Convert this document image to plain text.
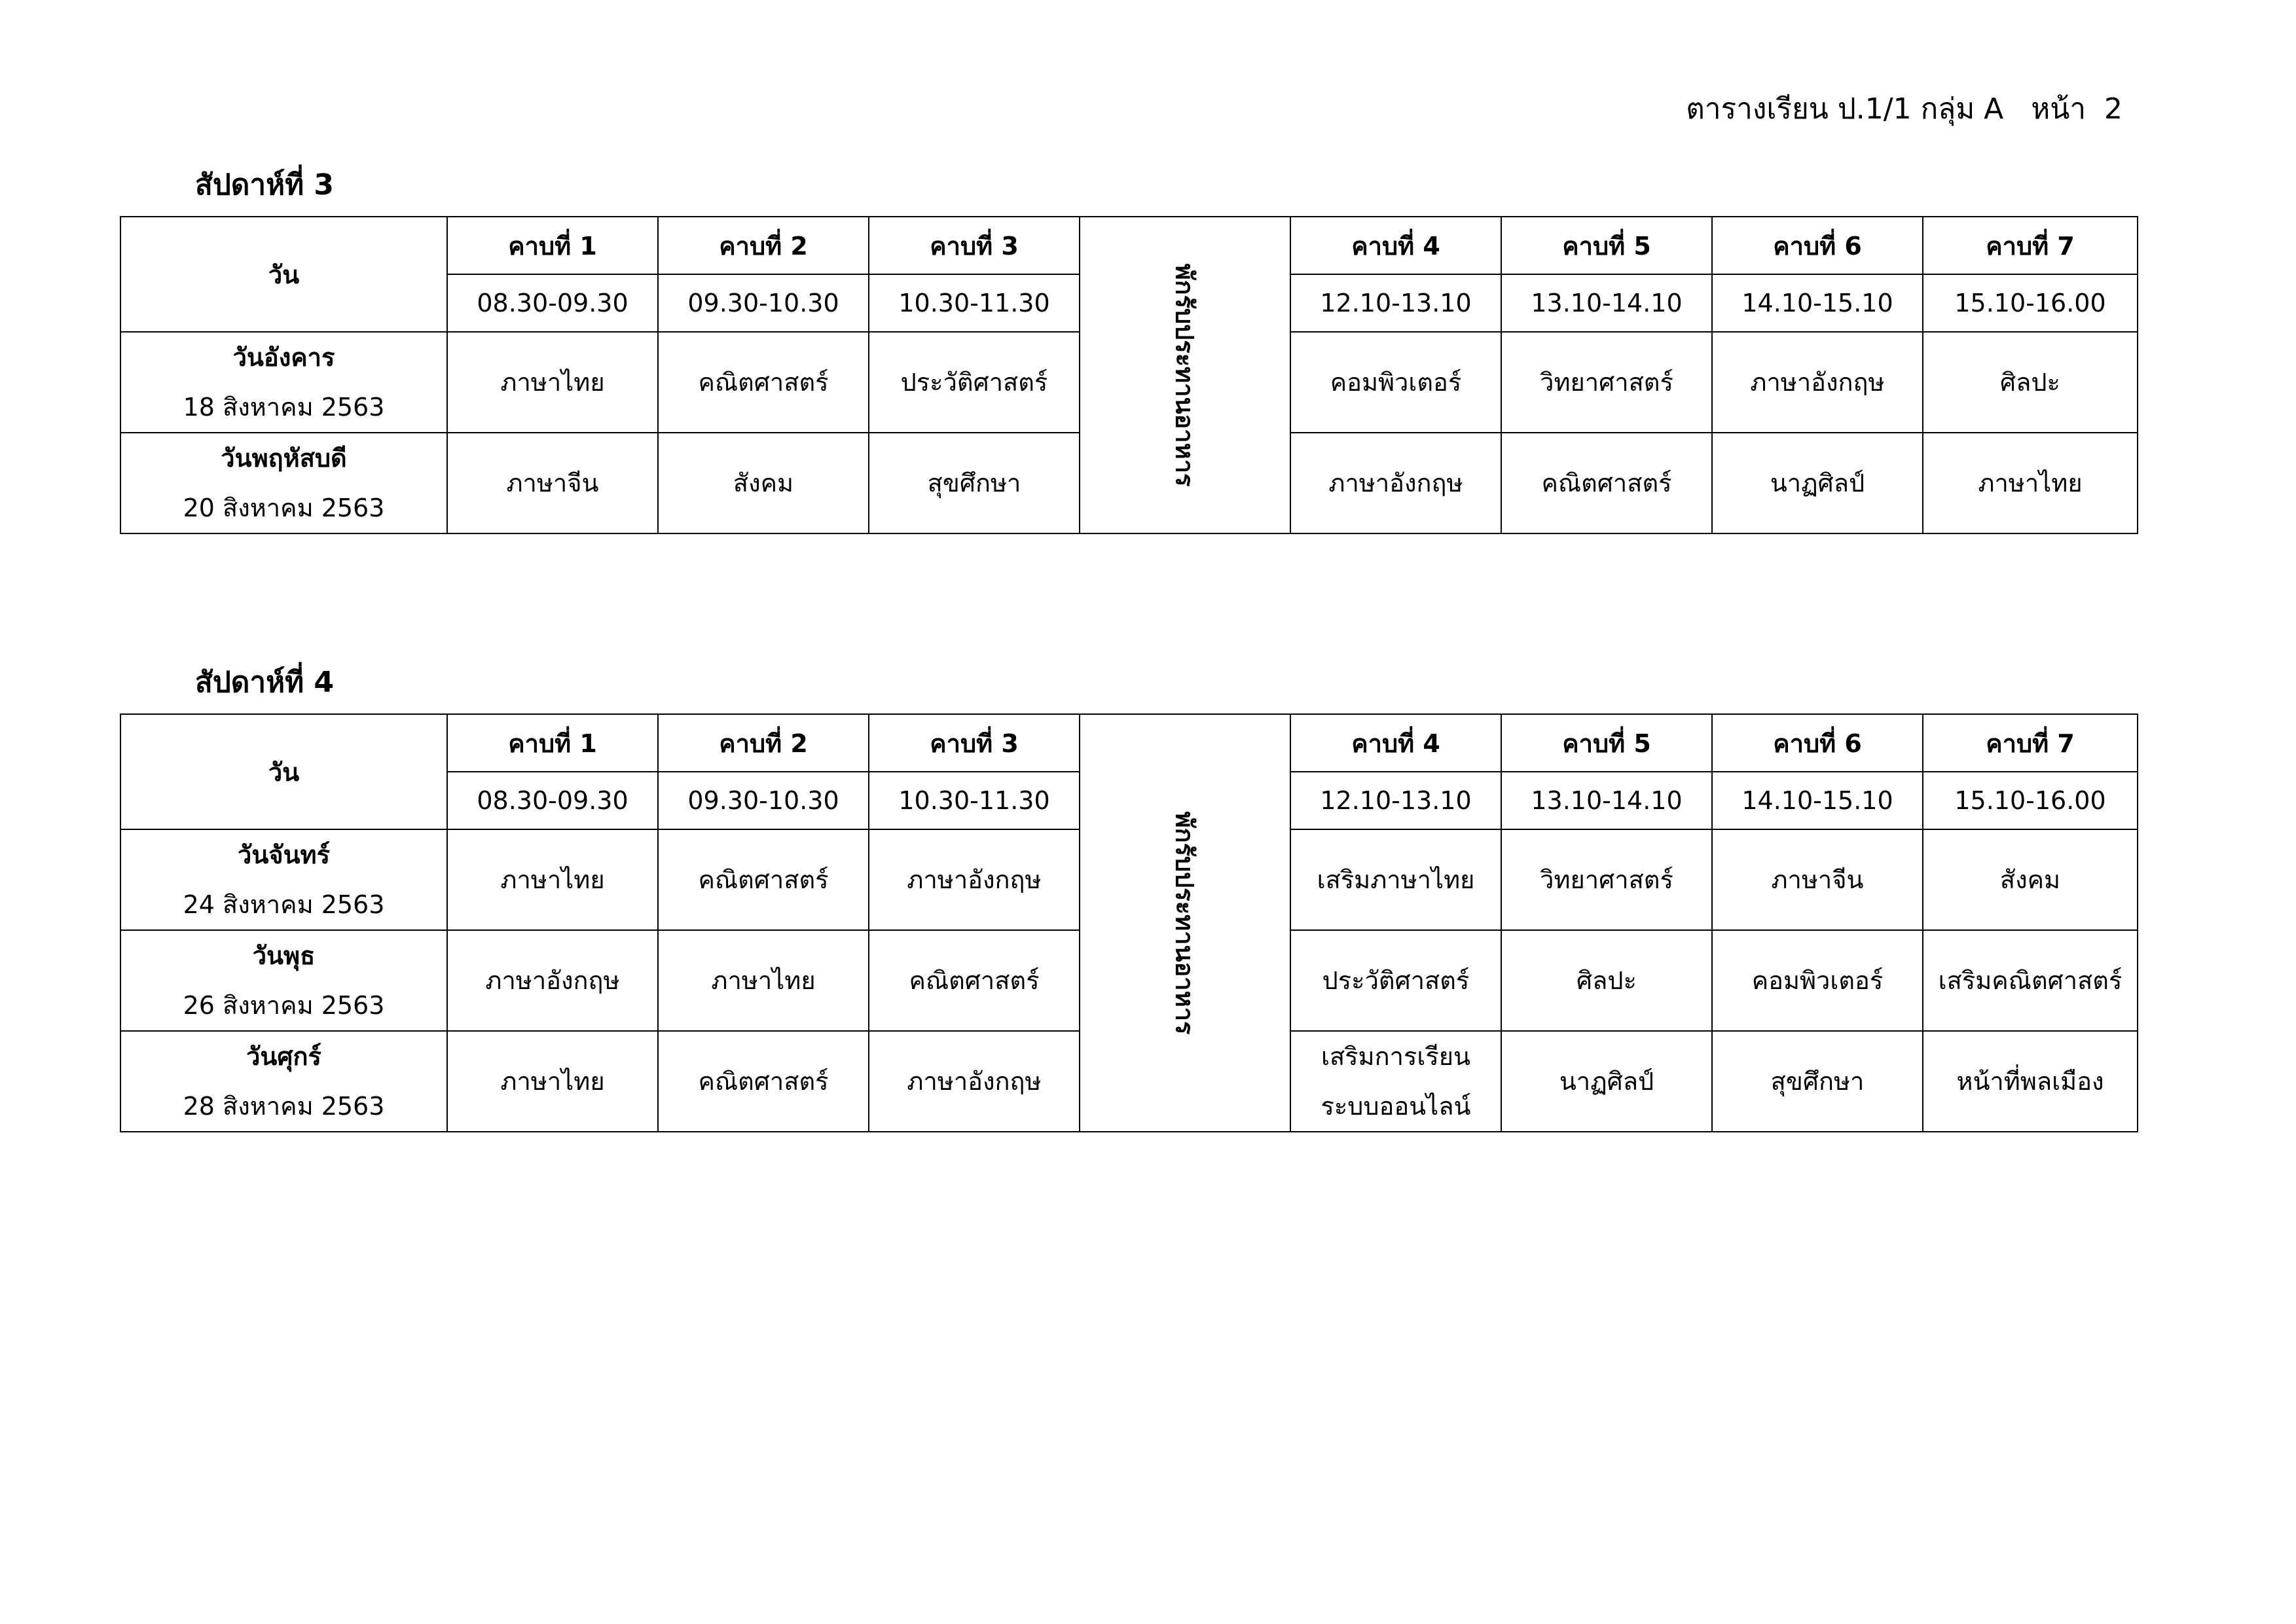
ตารางเรียน ป.1/1 กลุ่ม A   หน้า  2
สัปดาห์ที่ 3
วัน	คาบที่ 1	คาบที่ 2	คาบที่ 3	พักรับประทานอาหาร	คาบที่ 4	คาบที่ 5	คาบที่ 6	คาบที่ 7
	08.30-09.30	09.30-10.30	10.30-11.30		12.10-13.10	13.10-14.10	14.10-15.10	15.10-16.00

วันอังคาร
18 สิงหาคม 2563	ภาษาไทย	คณิตศาสตร์	ประวัติศาสตร์		คอมพิวเตอร์	วิทยาศาสตร์	ภาษาอังกฤษ	ศิลปะ

วันพฤหัสบดี
20 สิงหาคม 2563	ภาษาจีน	สังคม	สุขศึกษา		ภาษาอังกฤษ	คณิตศาสตร์	นาฏศิลป์	ภาษาไทย
สัปดาห์ที่ 4
วัน	คาบที่ 1	คาบที่ 2	คาบที่ 3	พักรับประทานอาหาร	คาบที่ 4	คาบที่ 5	คาบที่ 6	คาบที่ 7
	08.30-09.30	09.30-10.30	10.30-11.30		12.10-13.10	13.10-14.10	14.10-15.10	15.10-16.00

วันจันทร์
24 สิงหาคม 2563	ภาษาไทย	คณิตศาสตร์	ภาษาอังกฤษ		เสริมภาษาไทย	วิทยาศาสตร์	ภาษาจีน	สังคม

วันพุธ
26 สิงหาคม 2563	ภาษาอังกฤษ	ภาษาไทย	คณิตศาสตร์		ประวัติศาสตร์	ศิลปะ	คอมพิวเตอร์	เสริมคณิตศาสตร์

วันศุกร์
28 สิงหาคม 2563	ภาษาไทย	คณิตศาสตร์	ภาษาอังกฤษ		เสริมการเรียน
ระบบออนไลน์	นาฏศิลป์	สุขศึกษา	หน้าที่พลเมือง
